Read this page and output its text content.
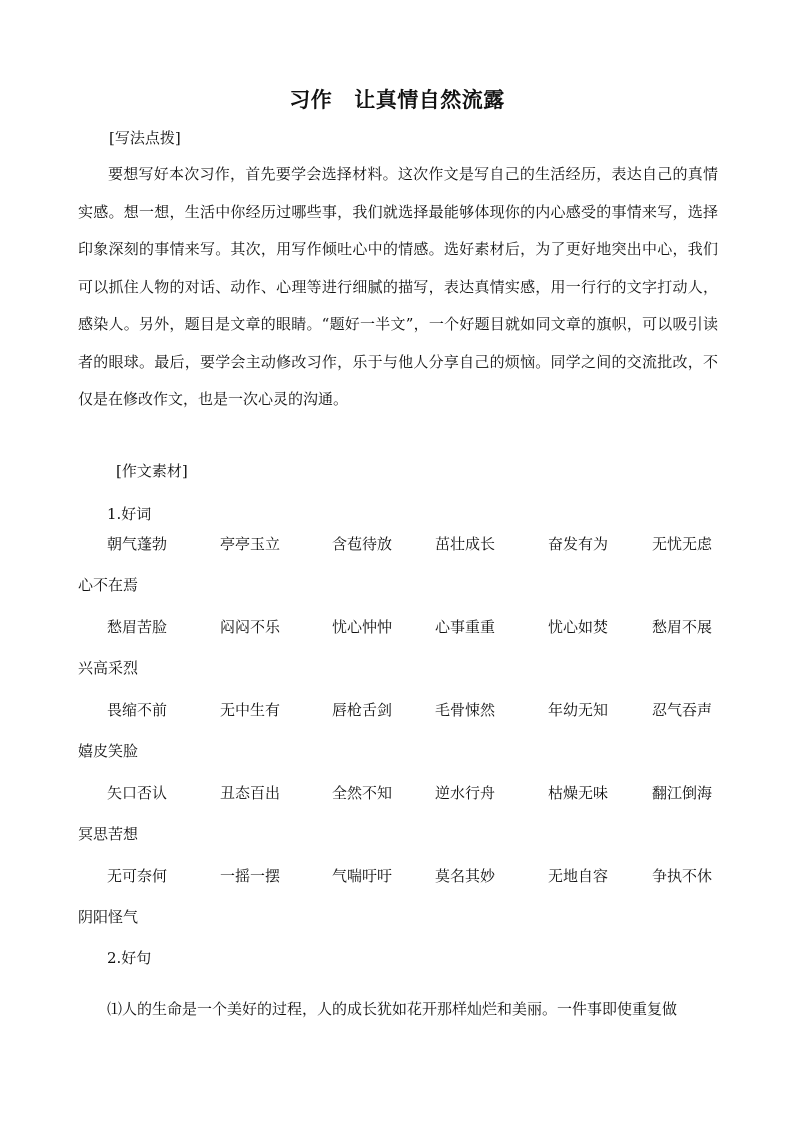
习作 让真情自然流露
[写法点拨]
要想写好本次习作，首先要学会选择材料。这次作文是写自己的生活经历，表达自己的真情实感。想一想，生活中你经历过哪些事，我们就选择最能够体现你的内心感受的事情来写，选择印象深刻的事情来写。其次，用写作倾吐心中的情感。选好素材后，为了更好地突出中心，我们可以抓住人物的对话、动作、心理等进行细腻的描写，表达真情实感，用一行行的文字打动人，感染人。另外，题目是文章的眼睛。“题好一半文”，一个好题目就如同文章的旗帜，可以吸引读者的眼球。最后，要学会主动修改习作，乐于与他人分享自己的烦恼。同学之间的交流批改，不仅是在修改作文，也是一次心灵的沟通。
[作文素材]
1.好词
朝气蓬勃	亭亭玉立	含苞待放	茁壮成长	奋发有为	无忧无虑
心不在焉
愁眉苦脸	闷闷不乐	忧心忡忡	心事重重	忧心如焚	愁眉不展
兴高采烈
畏缩不前	无中生有	唇枪舌剑	毛骨悚然	年幼无知	忍气吞声
嬉皮笑脸
矢口否认	丑态百出	全然不知	逆水行舟	枯燥无味	翻江倒海
冥思苦想
无可奈何	一摇一摆	气喘吁吁	莫名其妙	无地自容	争执不休
阴阳怪气
2.好句
⑴人的生命是一个美好的过程，人的成长犹如花开那样灿烂和美丽。一件事即使重复做
